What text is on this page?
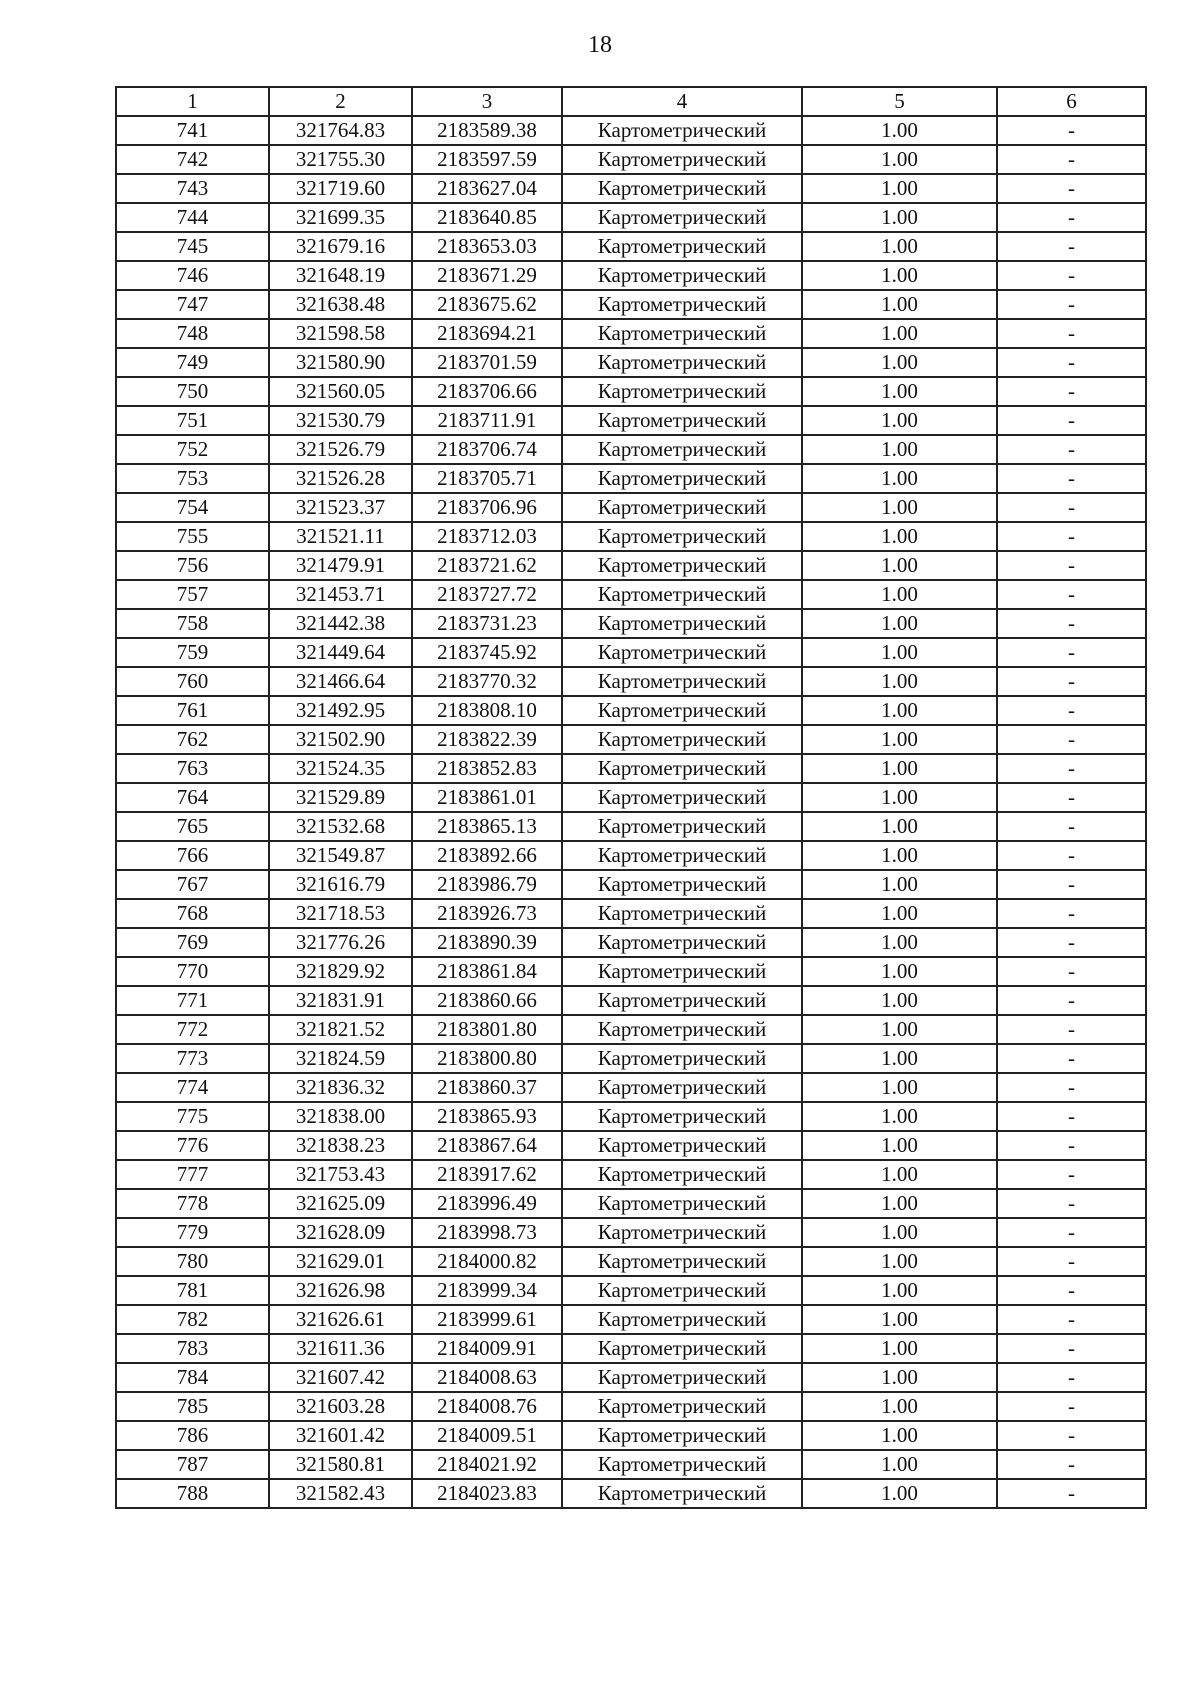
18
1	2	3	4	5	6
741	321764.83	2183589.38	Картометрический	1.00	-
742	321755.30	2183597.59	Картометрический	1.00	-
743	321719.60	2183627.04	Картометрический	1.00	-
744	321699.35	2183640.85	Картометрический	1.00	-
745	321679.16	2183653.03	Картометрический	1.00	-
746	321648.19	2183671.29	Картометрический	1.00	-
747	321638.48	2183675.62	Картометрический	1.00	-
748	321598.58	2183694.21	Картометрический	1.00	-
749	321580.90	2183701.59	Картометрический	1.00	-
750	321560.05	2183706.66	Картометрический	1.00	-
751	321530.79	2183711.91	Картометрический	1.00	-
752	321526.79	2183706.74	Картометрический	1.00	-
753	321526.28	2183705.71	Картометрический	1.00	-
754	321523.37	2183706.96	Картометрический	1.00	-
755	321521.11	2183712.03	Картометрический	1.00	-
756	321479.91	2183721.62	Картометрический	1.00	-
757	321453.71	2183727.72	Картометрический	1.00	-
758	321442.38	2183731.23	Картометрический	1.00	-
759	321449.64	2183745.92	Картометрический	1.00	-
760	321466.64	2183770.32	Картометрический	1.00	-
761	321492.95	2183808.10	Картометрический	1.00	-
762	321502.90	2183822.39	Картометрический	1.00	-
763	321524.35	2183852.83	Картометрический	1.00	-
764	321529.89	2183861.01	Картометрический	1.00	-
765	321532.68	2183865.13	Картометрический	1.00	-
766	321549.87	2183892.66	Картометрический	1.00	-
767	321616.79	2183986.79	Картометрический	1.00	-
768	321718.53	2183926.73	Картометрический	1.00	-
769	321776.26	2183890.39	Картометрический	1.00	-
770	321829.92	2183861.84	Картометрический	1.00	-
771	321831.91	2183860.66	Картометрический	1.00	-
772	321821.52	2183801.80	Картометрический	1.00	-
773	321824.59	2183800.80	Картометрический	1.00	-
774	321836.32	2183860.37	Картометрический	1.00	-
775	321838.00	2183865.93	Картометрический	1.00	-
776	321838.23	2183867.64	Картометрический	1.00	-
777	321753.43	2183917.62	Картометрический	1.00	-
778	321625.09	2183996.49	Картометрический	1.00	-
779	321628.09	2183998.73	Картометрический	1.00	-
780	321629.01	2184000.82	Картометрический	1.00	-
781	321626.98	2183999.34	Картометрический	1.00	-
782	321626.61	2183999.61	Картометрический	1.00	-
783	321611.36	2184009.91	Картометрический	1.00	-
784	321607.42	2184008.63	Картометрический	1.00	-
785	321603.28	2184008.76	Картометрический	1.00	-
786	321601.42	2184009.51	Картометрический	1.00	-
787	321580.81	2184021.92	Картометрический	1.00	-
788	321582.43	2184023.83	Картометрический	1.00	-
